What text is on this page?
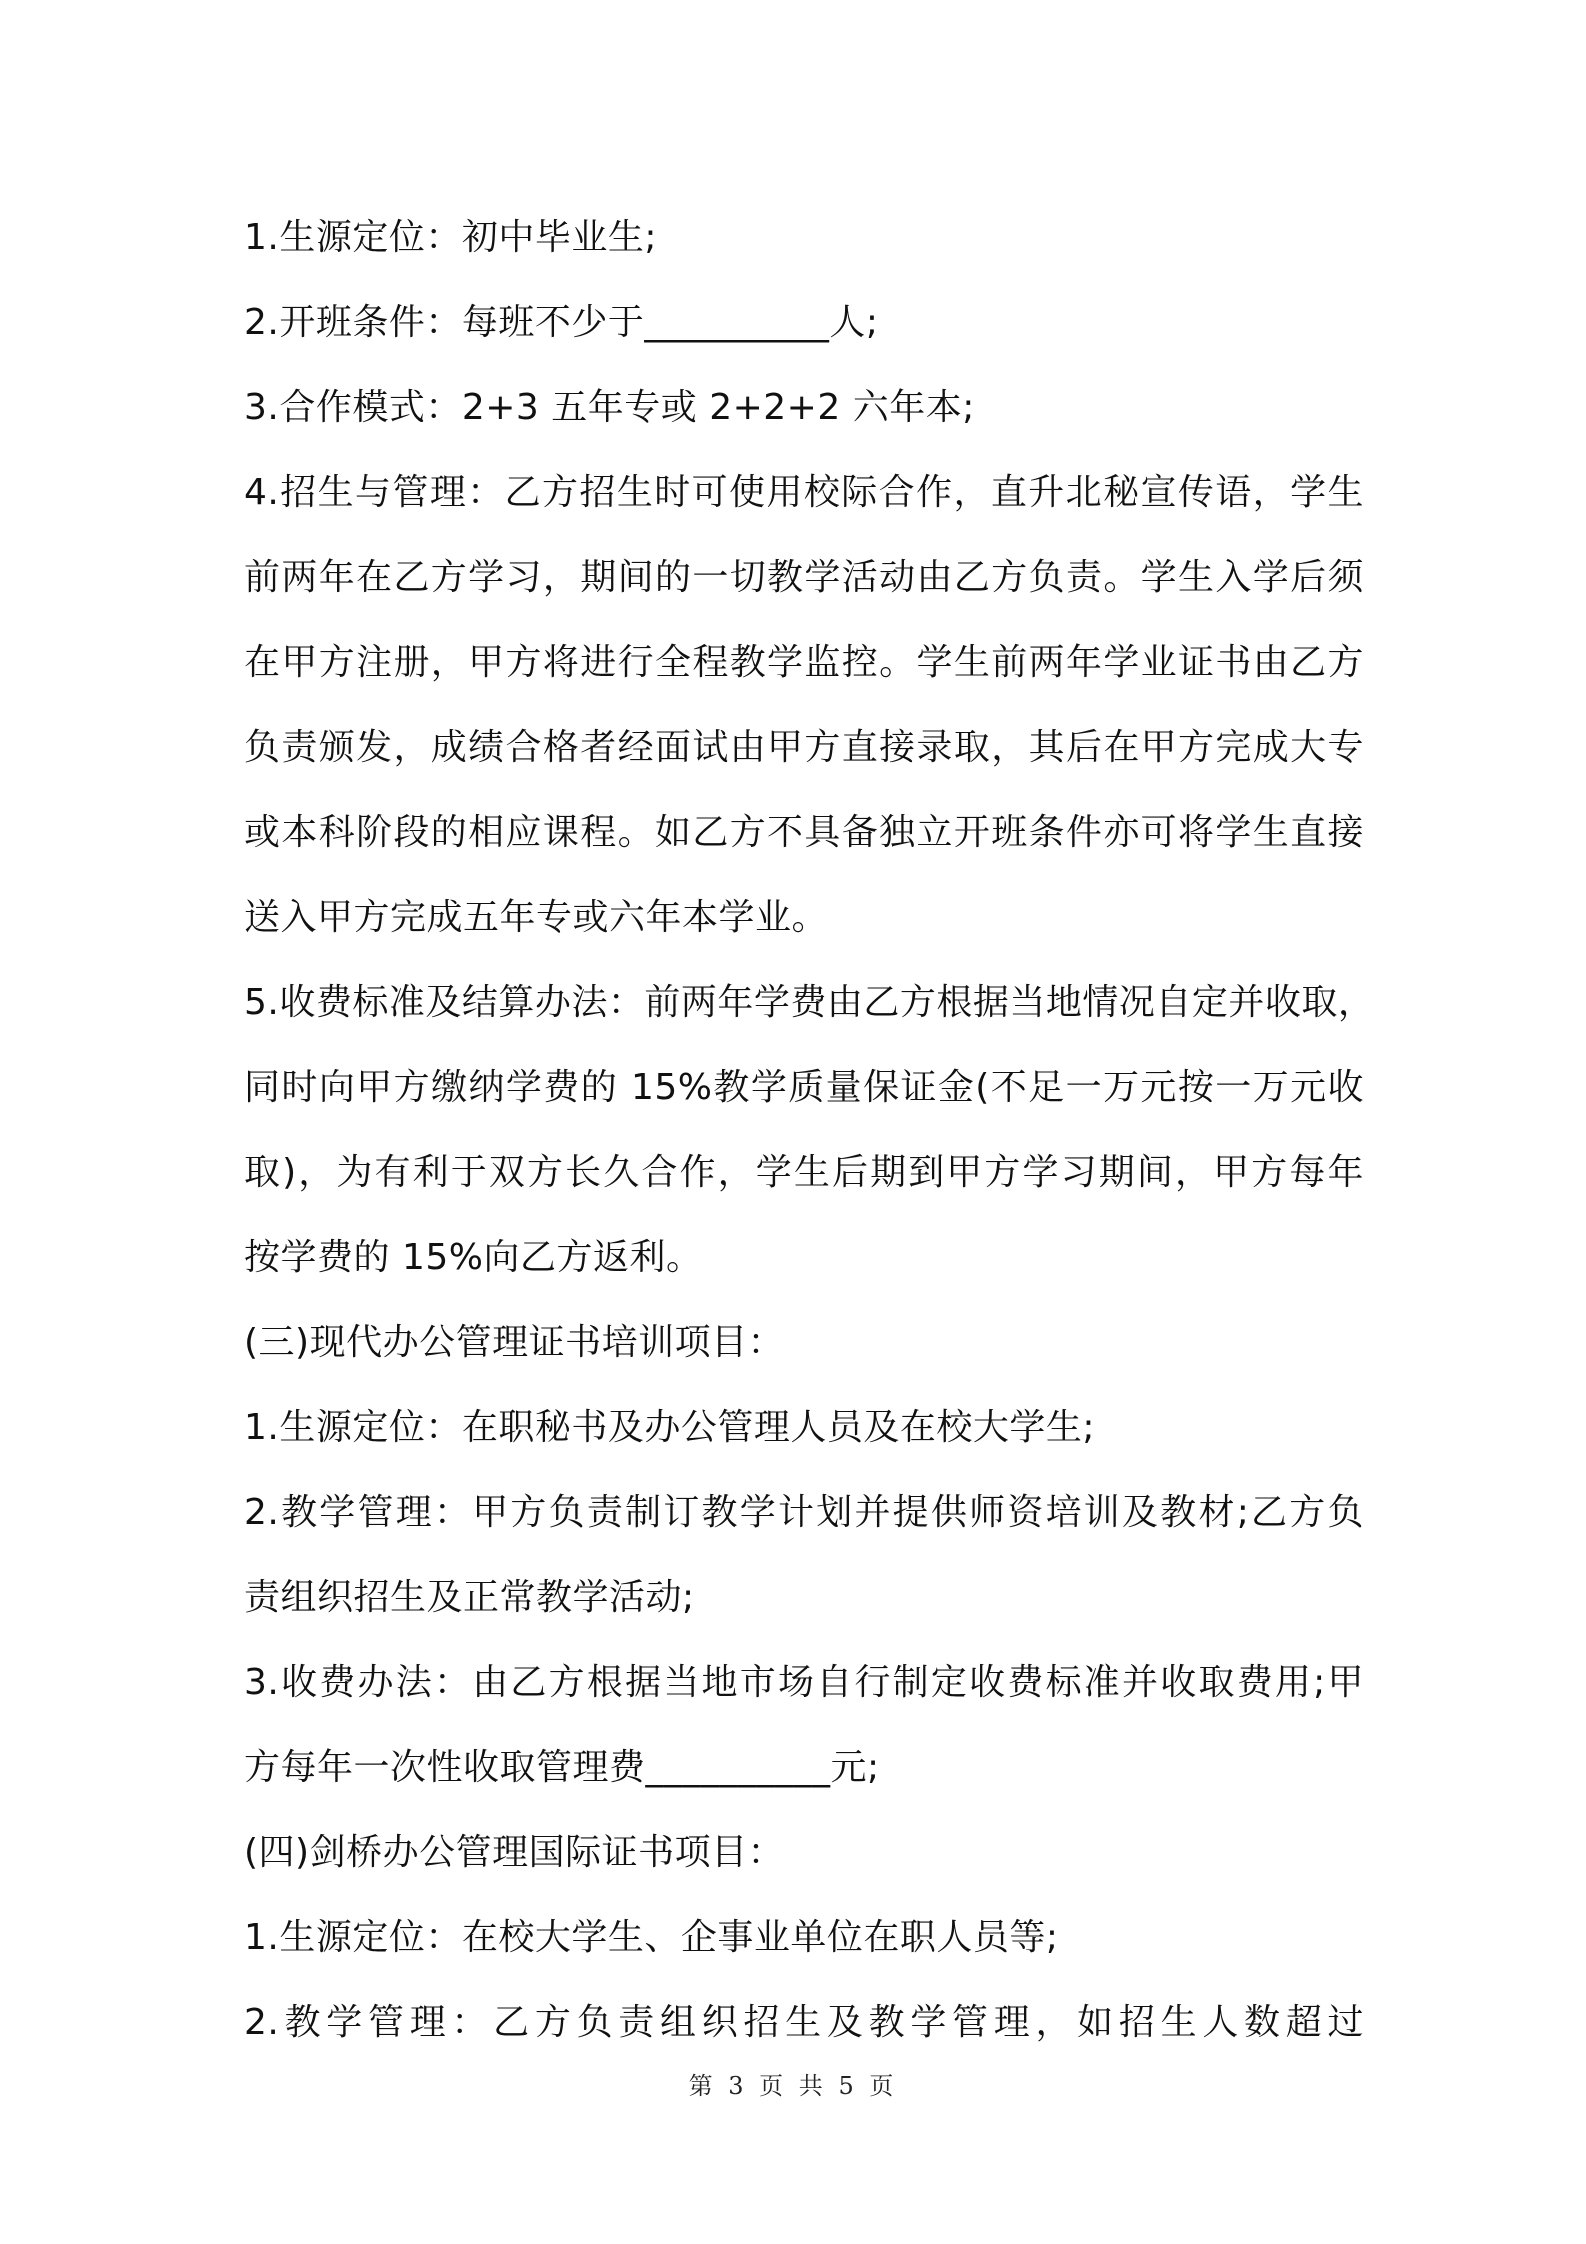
1.生源定位：初中毕业生;
2.开班条件：每班不少于__________人;
3.合作模式：2+3 五年专或 2+2+2 六年本;
4.招生与管理：乙方招生时可使用校际合作，直升北秘宣传语，学生
前两年在乙方学习，期间的一切教学活动由乙方负责。学生入学后须
在甲方注册，甲方将进行全程教学监控。学生前两年学业证书由乙方
负责颁发，成绩合格者经面试由甲方直接录取，其后在甲方完成大专
或本科阶段的相应课程。如乙方不具备独立开班条件亦可将学生直接
送入甲方完成五年专或六年本学业。
5.收费标准及结算办法：前两年学费由乙方根据当地情况自定并收取，
同时向甲方缴纳学费的 15%教学质量保证金(不足一万元按一万元收
取)，为有利于双方长久合作，学生后期到甲方学习期间，甲方每年
按学费的 15%向乙方返利。
(三)现代办公管理证书培训项目：
1.生源定位：在职秘书及办公管理人员及在校大学生;
2.教学管理：甲方负责制订教学计划并提供师资培训及教材;乙方负
责组织招生及正常教学活动;
3.收费办法：由乙方根据当地市场自行制定收费标准并收取费用;甲
方每年一次性收取管理费__________元;
(四)剑桥办公管理国际证书项目：
1.生源定位：在校大学生、企事业单位在职人员等;
2.教学管理：乙方负责组织招生及教学管理，如招生人数超过
第 3 页 共 5 页
